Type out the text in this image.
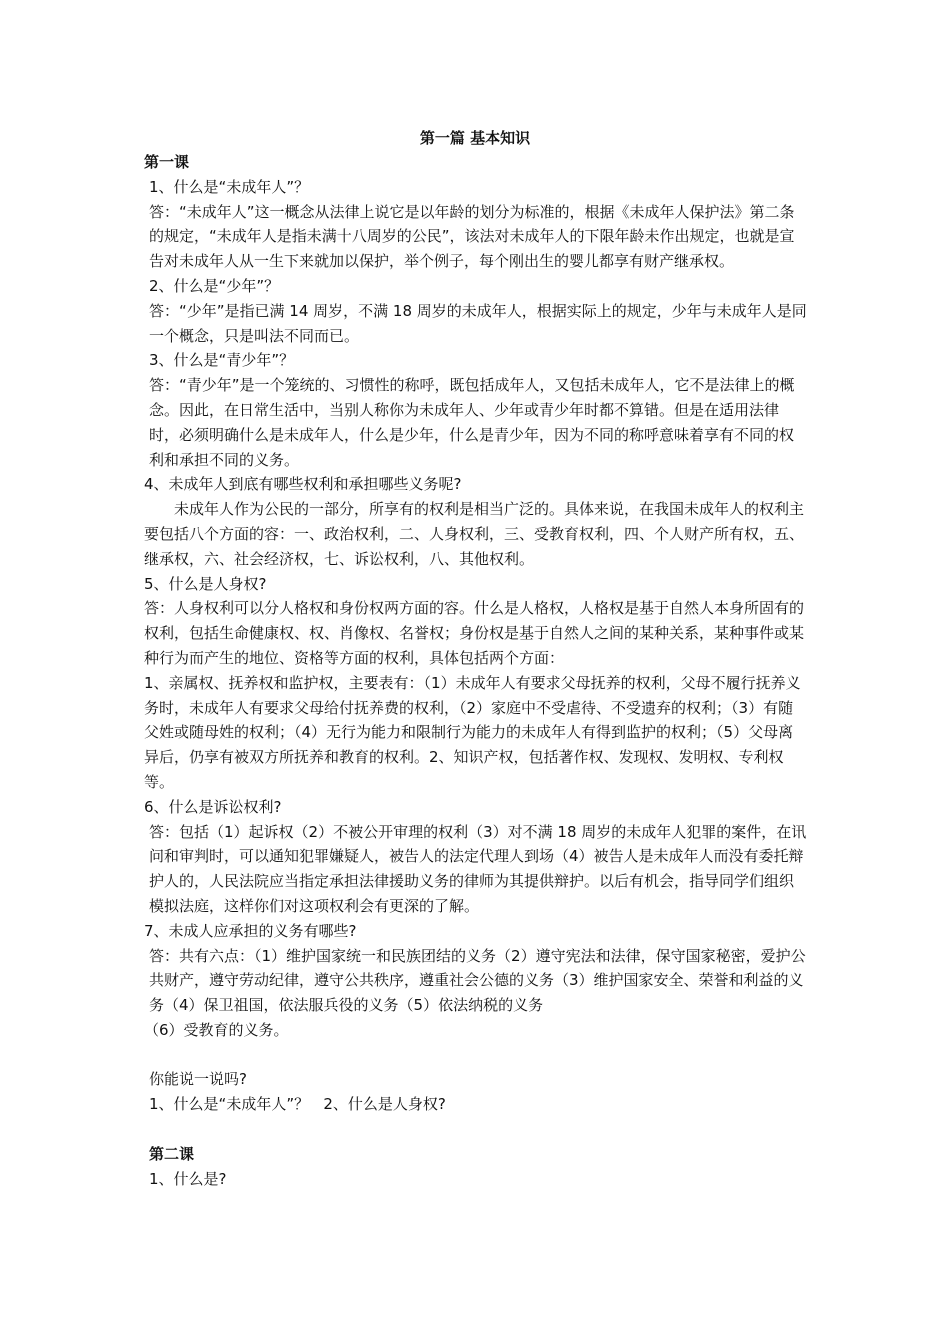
第一篇 基本知识

第一课

1、什么是“未成年人”？

答：“未成年人”这一概念从法律上说它是以年龄的划分为标准的，根据《未成年人保护法》第二条的规定，“未成年人是指未满十八周岁的公民”，该法对未成年人的下限年龄未作出规定，也就是宣告对未成年人从一生下来就加以保护，举个例子，每个刚出生的婴儿都享有财产继承权。

2、什么是“少年”？

答：“少年”是指已满 14 周岁，不满 18 周岁的未成年人，根据实际上的规定，少年与未成年人是同一个概念，只是叫法不同而已。

3、什么是“青少年”？

答：“青少年”是一个笼统的、习惯性的称呼，既包括成年人，又包括未成年人，它不是法律上的概念。因此，在日常生活中，当别人称你为未成年人、少年或青少年时都不算错。但是在适用法律时，必须明确什么是未成年人，什么是少年，什么是青少年，因为不同的称呼意味着享有不同的权利和承担不同的义务。

4、未成年人到底有哪些权利和承担哪些义务呢?

未成年人作为公民的一部分，所享有的权利是相当广泛的。具体来说，在我国未成年人的权利主要包括八个方面的容：一、政治权利，二、人身权利，三、受教育权利，四、个人财产所有权，五、继承权，六、社会经济权，七、诉讼权利，八、其他权利。

5、什么是人身权?

答：人身权利可以分人格权和身份权两方面的容。什么是人格权，人格权是基于自然人本身所固有的权利，包括生命健康权、权、肖像权、名誉权；身份权是基于自然人之间的某种关系，某种事件或某种行为而产生的地位、资格等方面的权利，具体包括两个方面：

1、亲属权、抚养权和监护权，主要表有：（1）未成年人有要求父母抚养的权利，父母不履行抚养义务时，未成年人有要求父母给付抚养费的权利，（2）家庭中不受虐待、不受遗弃的权利；（3）有随父姓或随母姓的权利；（4）无行为能力和限制行为能力的未成年人有得到监护的权利；（5）父母离异后，仍享有被双方所抚养和教育的权利。2、知识产权，包括著作权、发现权、发明权、专利权等。

6、什么是诉讼权利?

答：包括（1）起诉权（2）不被公开审理的权利（3）对不满 18 周岁的未成年人犯罪的案件，在讯问和审判时，可以通知犯罪嫌疑人，被告人的法定代理人到场（4）被告人是未成年人而没有委托辩护人的，人民法院应当指定承担法律援助义务的律师为其提供辩护。以后有机会，指导同学们组织模拟法庭，这样你们对这项权利会有更深的了解。

7、未成人应承担的义务有哪些?

答：共有六点：（1）维护国家统一和民族团结的义务（2）遵守宪法和法律，保守国家秘密，爱护公共财产，遵守劳动纪律，遵守公共秩序，遵重社会公德的义务（3）维护国家安全、荣誉和利益的义务（4）保卫祖国，依法服兵役的义务（5）依法纳税的义务

（6）受教育的义务。

你能说一说吗?

1、什么是“未成年人”？   2、什么是人身权?

第二课

1、什么是?
